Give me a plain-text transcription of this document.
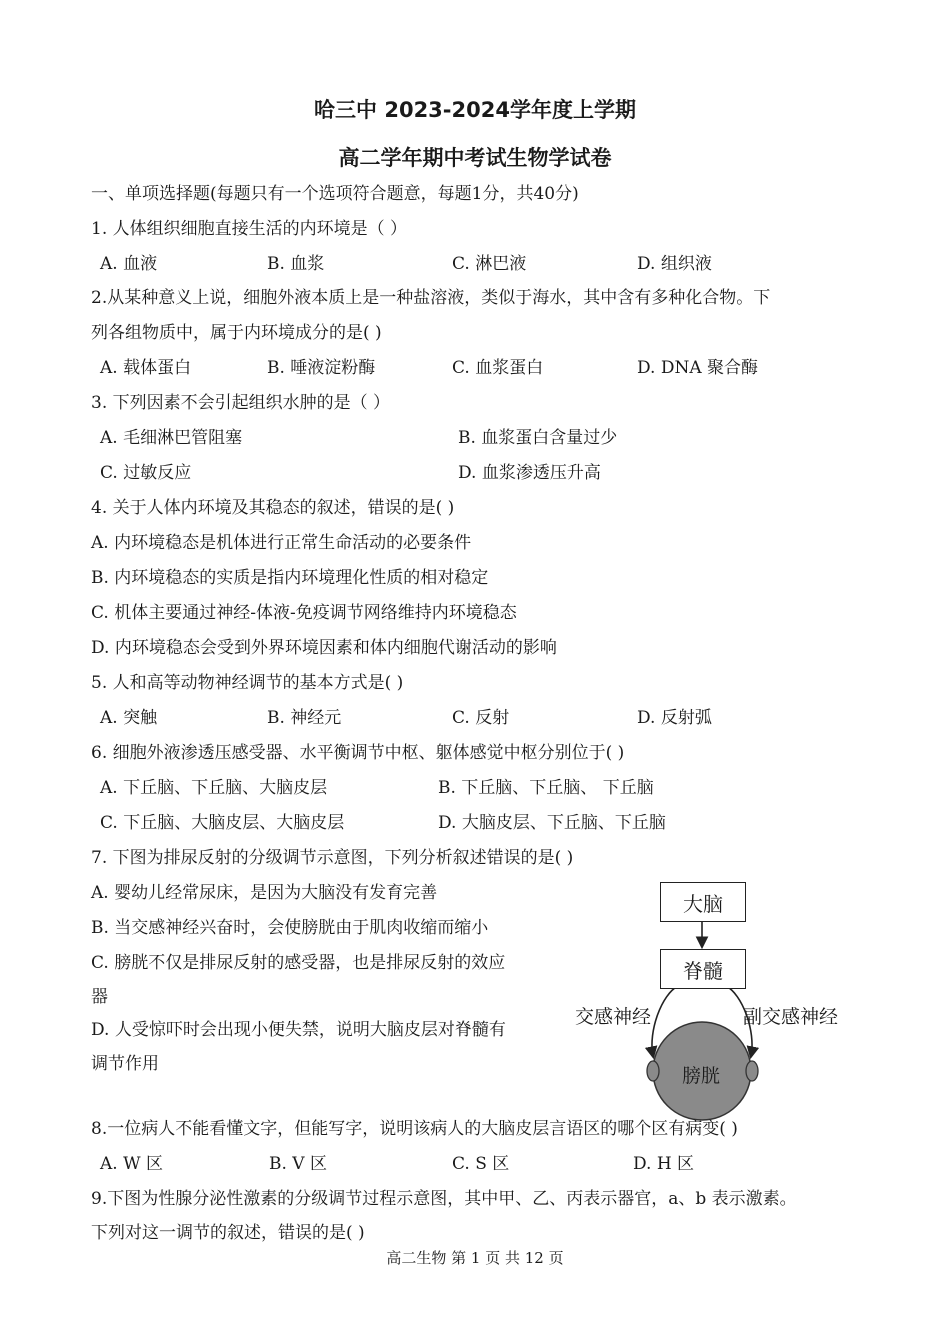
哈三中 2023-2024学年度上学期
高二学年期中考试生物学试卷
一、单项选择题(每题只有一个选项符合题意，每题1分，共40分)
1. 人体组织细胞直接生活的内环境是（ ）
A. 血液	B. 血浆	C. 淋巴液	D. 组织液
2.从某种意义上说，细胞外液本质上是一种盐溶液，类似于海水，其中含有多种化合物。下
列各组物质中，属于内环境成分的是( )
A. 载体蛋白	B. 唾液淀粉酶	C. 血浆蛋白	D. DNA 聚合酶
3. 下列因素不会引起组织水肿的是（ ）
A. 毛细淋巴管阻塞	B. 血浆蛋白含量过少
C. 过敏反应	D. 血浆渗透压升高
4. 关于人体内环境及其稳态的叙述，错误的是( )
A. 内环境稳态是机体进行正常生命活动的必要条件
B. 内环境稳态的实质是指内环境理化性质的相对稳定
C. 机体主要通过神经-体液-免疫调节网络维持内环境稳态
D. 内环境稳态会受到外界环境因素和体内细胞代谢活动的影响
5. 人和高等动物神经调节的基本方式是( )
A. 突触	B. 神经元	C. 反射	D. 反射弧
6. 细胞外液渗透压感受器、水平衡调节中枢、躯体感觉中枢分别位于( )
A. 下丘脑、下丘脑、大脑皮层	B. 下丘脑、下丘脑、 下丘脑
C. 下丘脑、大脑皮层、大脑皮层	D. 大脑皮层、下丘脑、下丘脑
7. 下图为排尿反射的分级调节示意图，下列分析叙述错误的是( )
A. 婴幼儿经常尿床，是因为大脑没有发育完善
B. 当交感神经兴奋时，会使膀胱由于肌肉收缩而缩小
C. 膀胱不仅是排尿反射的感受器，也是排尿反射的效应
器
D. 人受惊吓时会出现小便失禁，说明大脑皮层对脊髓有
调节作用
大脑
脊髓
交感神经	副交感神经
膀胱
8.一位病人不能看懂文字，但能写字，说明该病人的大脑皮层言语区的哪个区有病变( )
A. W 区	B. V 区	C. S 区	D. H 区
9.下图为性腺分泌性激素的分级调节过程示意图，其中甲、乙、丙表示器官，a、b 表示激素。
下列对这一调节的叙述，错误的是( )
高二生物 第 1 页 共 12 页
